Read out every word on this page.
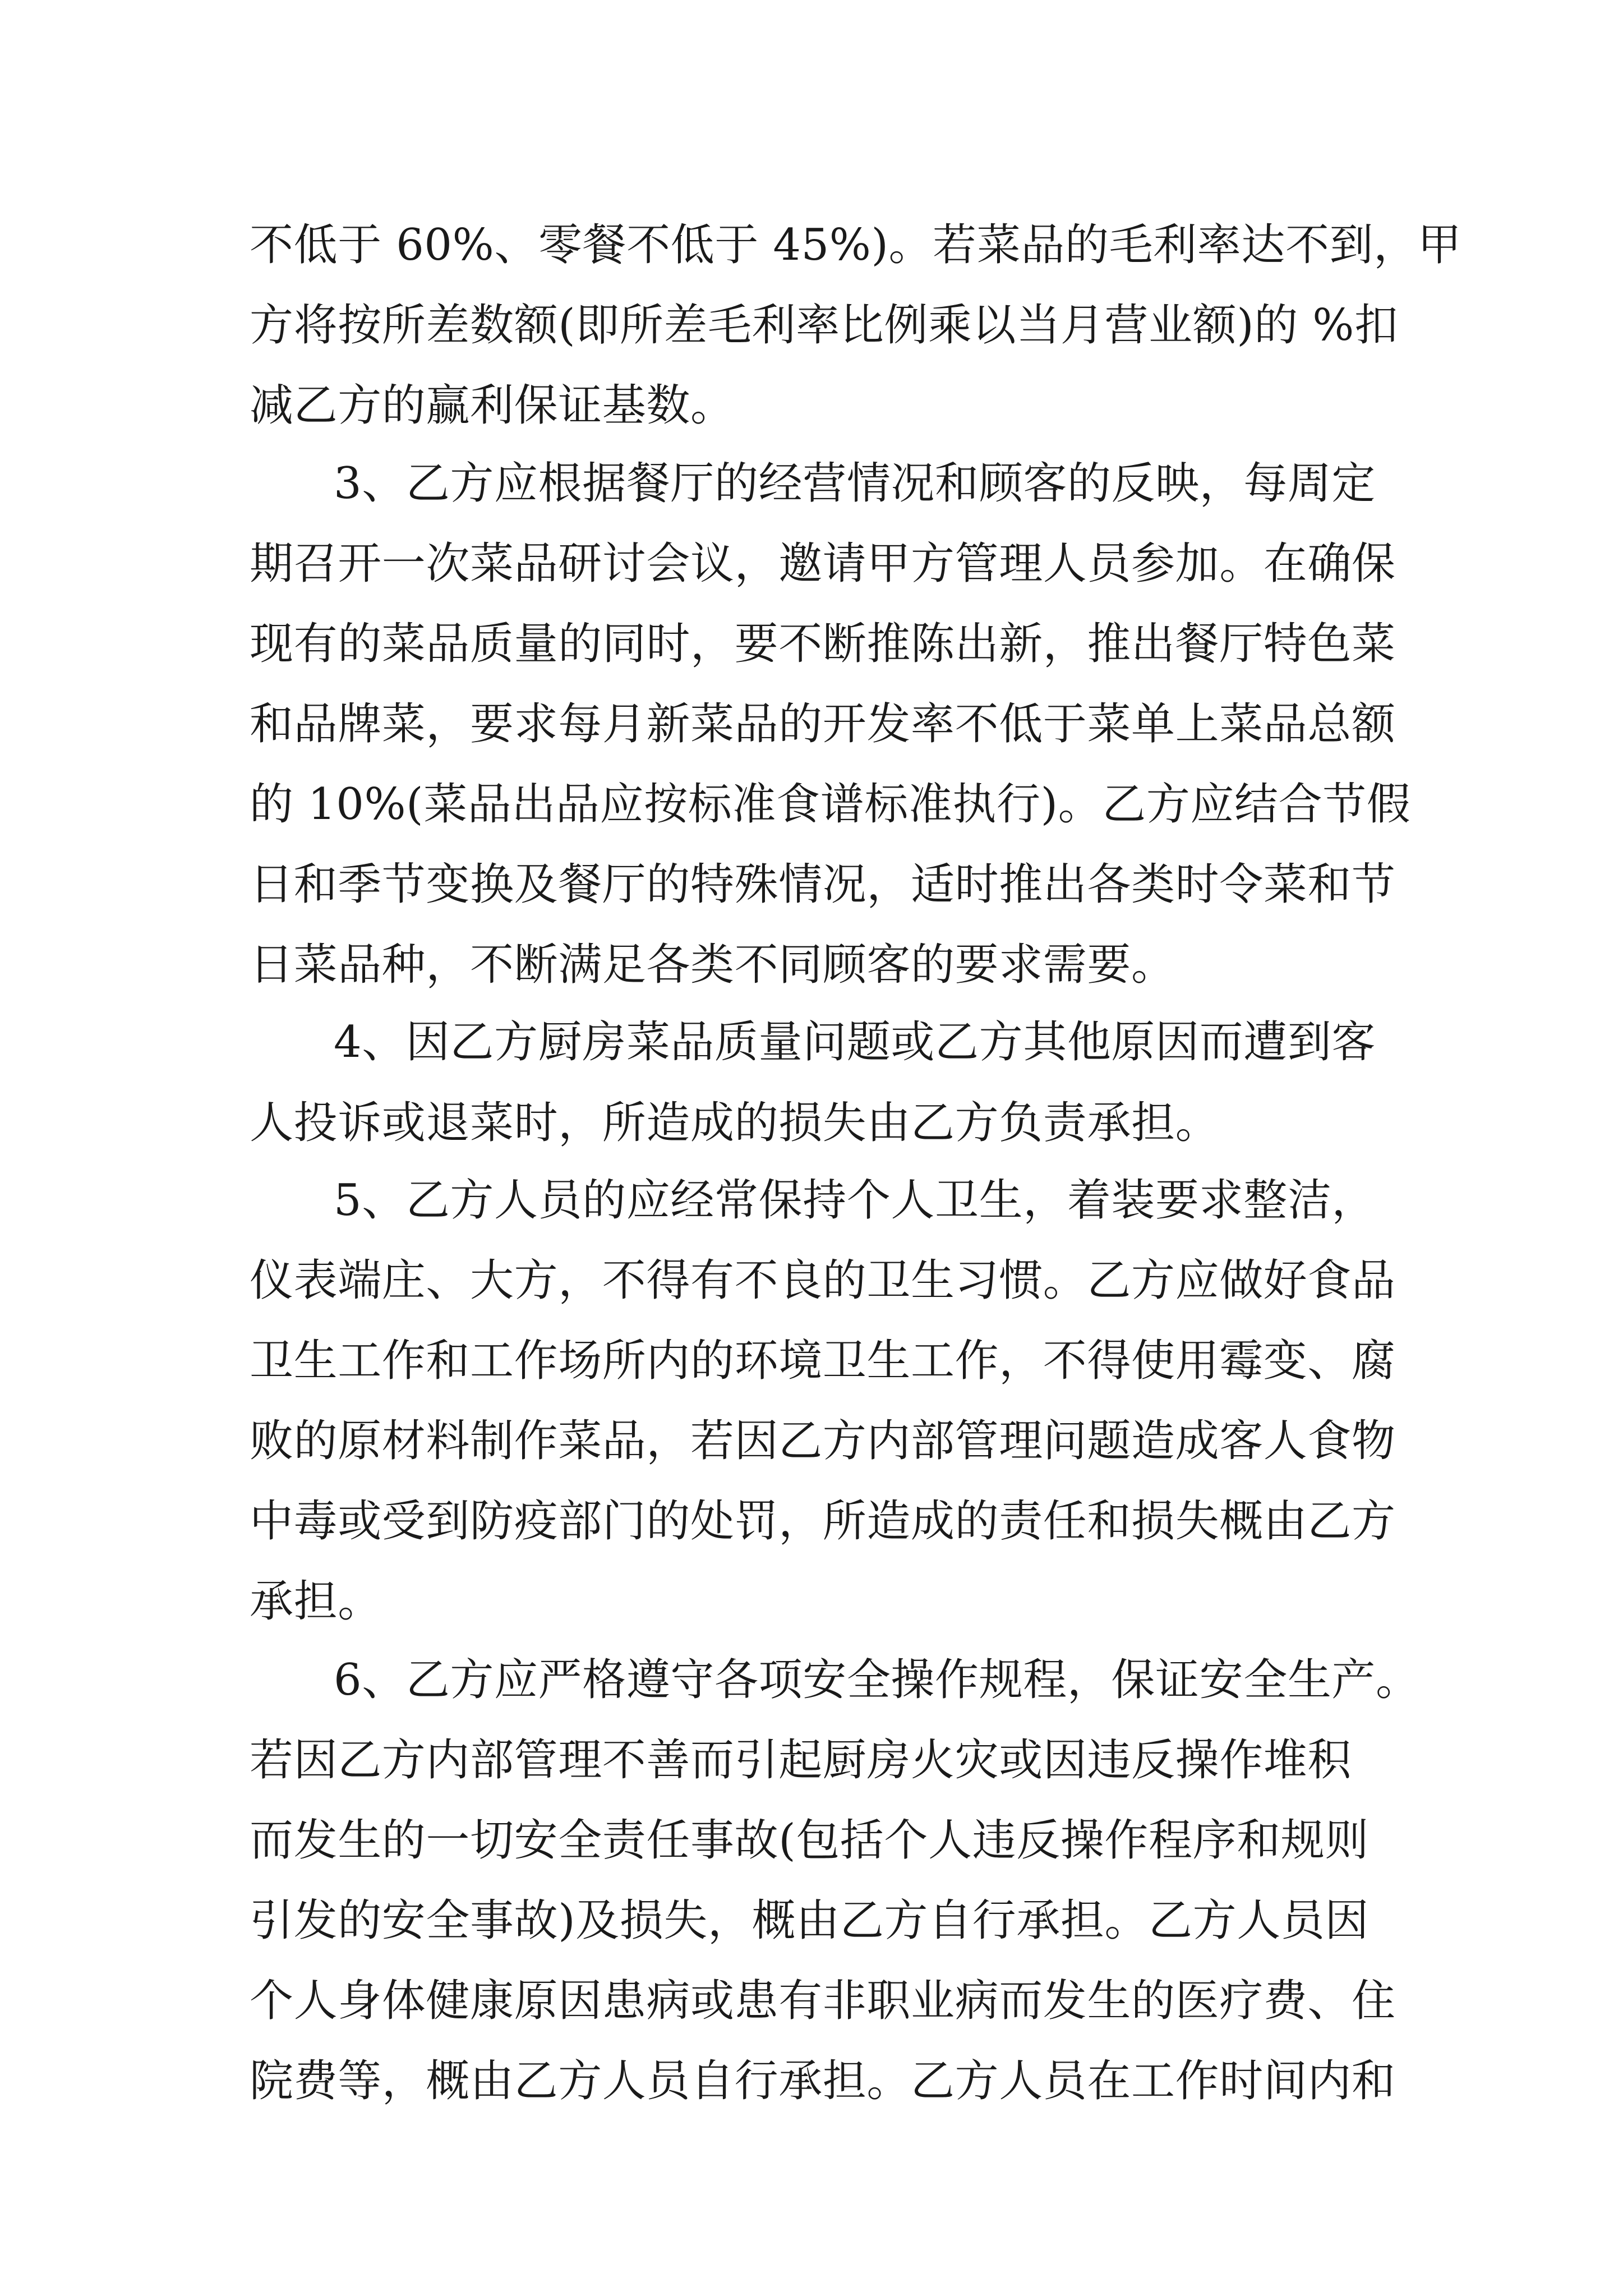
不低于 60%、零餐不低于 45%)。若菜品的毛利率达不到，甲
方将按所差数额(即所差毛利率比例乘以当月营业额)的 %扣
减乙方的赢利保证基数。
3、乙方应根据餐厅的经营情况和顾客的反映，每周定
期召开一次菜品研讨会议，邀请甲方管理人员参加。在确保
现有的菜品质量的同时，要不断推陈出新，推出餐厅特色菜
和品牌菜，要求每月新菜品的开发率不低于菜单上菜品总额
的 10%(菜品出品应按标准食谱标准执行)。乙方应结合节假
日和季节变换及餐厅的特殊情况，适时推出各类时令菜和节
日菜品种，不断满足各类不同顾客的要求需要。
4、因乙方厨房菜品质量问题或乙方其他原因而遭到客
人投诉或退菜时，所造成的损失由乙方负责承担。
5、乙方人员的应经常保持个人卫生，着装要求整洁，
仪表端庄、大方，不得有不良的卫生习惯。乙方应做好食品
卫生工作和工作场所内的环境卫生工作，不得使用霉变、腐
败的原材料制作菜品，若因乙方内部管理问题造成客人食物
中毒或受到防疫部门的处罚，所造成的责任和损失概由乙方
承担。
6、乙方应严格遵守各项安全操作规程，保证安全生产。
若因乙方内部管理不善而引起厨房火灾或因违反操作堆积
而发生的一切安全责任事故(包括个人违反操作程序和规则
引发的安全事故)及损失，概由乙方自行承担。乙方人员因
个人身体健康原因患病或患有非职业病而发生的医疗费、住
院费等，概由乙方人员自行承担。乙方人员在工作时间内和
